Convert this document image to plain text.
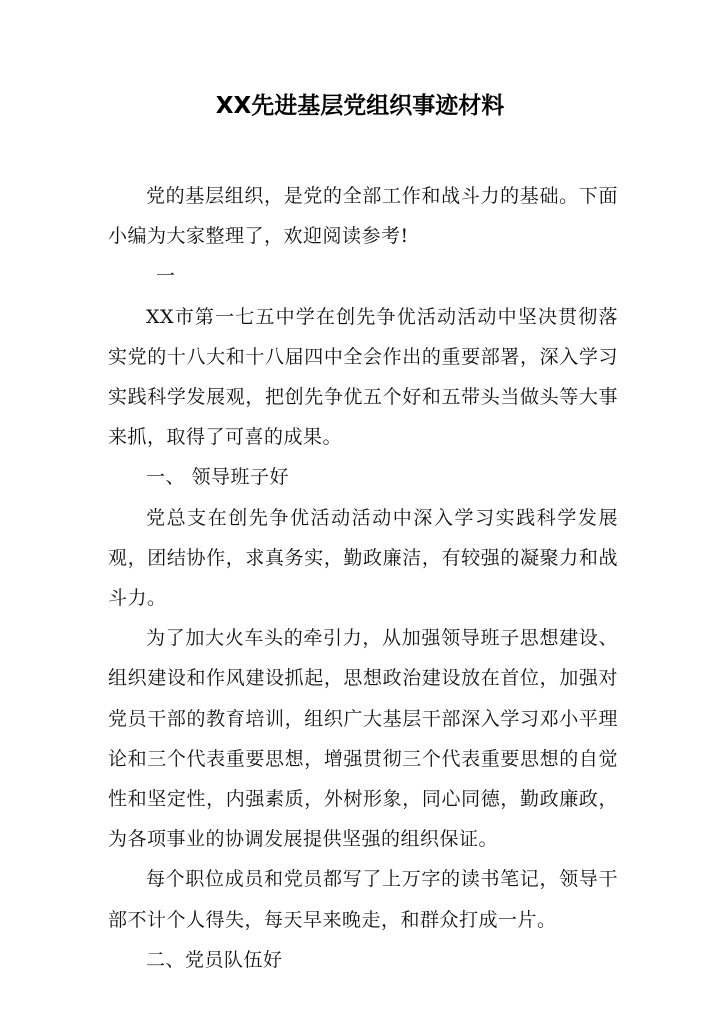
XX先进基层党组织事迹材料

党的基层组织，是党的全部工作和战斗力的基础。下面小编为大家整理了，欢迎阅读参考!

一

XX市第一七五中学在创先争优活动活动中坚决贯彻落实党的十八大和十八届四中全会作出的重要部署，深入学习实践科学发展观，把创先争优五个好和五带头当做头等大事来抓，取得了可喜的成果。

一、 领导班子好

党总支在创先争优活动活动中深入学习实践科学发展观，团结协作，求真务实，勤政廉洁，有较强的凝聚力和战斗力。

为了加大火车头的牵引力，从加强领导班子思想建设、组织建设和作风建设抓起，思想政治建设放在首位，加强对党员干部的教育培训，组织广大基层干部深入学习邓小平理论和三个代表重要思想，增强贯彻三个代表重要思想的自觉性和坚定性，内强素质，外树形象，同心同德，勤政廉政，为各项事业的协调发展提供坚强的组织保证。

每个职位成员和党员都写了上万字的读书笔记，领导干部不计个人得失，每天早来晚走，和群众打成一片。

二、党员队伍好
